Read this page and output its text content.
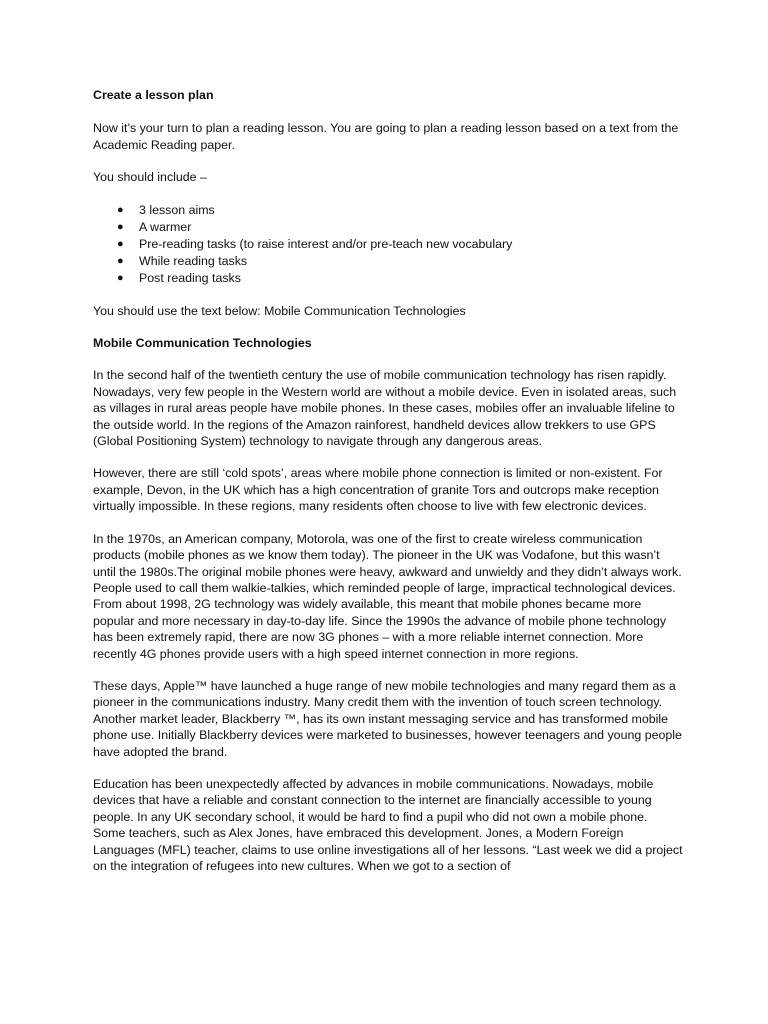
Create a lesson plan

Now it’s your turn to plan a reading lesson. You are going to plan a reading lesson based on a text from the Academic Reading paper.

You should include –

● 3 lesson aims
● A warmer
● Pre-reading tasks (to raise interest and/or pre-teach new vocabulary
● While reading tasks
● Post reading tasks

You should use the text below: Mobile Communication Technologies

Mobile Communication Technologies

In the second half of the twentieth century the use of mobile communication technology has risen rapidly. Nowadays, very few people in the Western world are without a mobile device. Even in isolated areas, such as villages in rural areas people have mobile phones. In these cases, mobiles offer an invaluable lifeline to the outside world. In the regions of the Amazon rainforest, handheld devices allow trekkers to use GPS (Global Positioning System) technology to navigate through any dangerous areas.

However, there are still ‘cold spots’, areas where mobile phone connection is limited or non-existent. For example, Devon, in the UK which has a high concentration of granite Tors and outcrops make reception virtually impossible. In these regions, many residents often choose to live with few electronic devices.

In the 1970s, an American company, Motorola, was one of the first to create wireless communication products (mobile phones as we know them today). The pioneer in the UK was Vodafone, but this wasn’t until the 1980s.The original mobile phones were heavy, awkward and unwieldy and they didn’t always work. People used to call them walkie-talkies, which reminded people of large, impractical technological devices. From about 1998, 2G technology was widely available, this meant that mobile phones became more popular and more necessary in day-to-day life. Since the 1990s the advance of mobile phone technology has been extremely rapid, there are now 3G phones – with a more reliable internet connection. More recently 4G phones provide users with a high speed internet connection in more regions.

These days, Apple™ have launched a huge range of new mobile technologies and many regard them as a pioneer in the communications industry. Many credit them with the invention of touch screen technology. Another market leader, Blackberry ™, has its own instant messaging service and has transformed mobile phone use. Initially Blackberry devices were marketed to businesses, however teenagers and young people have adopted the brand.

Education has been unexpectedly affected by advances in mobile communications. Nowadays, mobile devices that have a reliable and constant connection to the internet are financially accessible to young people. In any UK secondary school, it would be hard to find a pupil who did not own a mobile phone. Some teachers, such as Alex Jones, have embraced this development. Jones, a Modern Foreign Languages (MFL) teacher, claims to use online investigations all of her lessons. “Last week we did a project on the integration of refugees into new cultures. When we got to a section of
